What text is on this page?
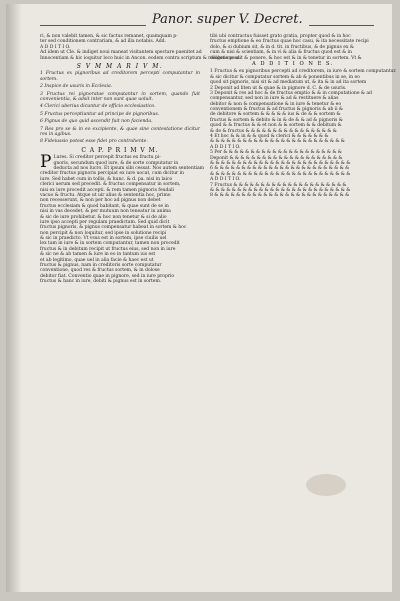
Panor. super V. Decret.
ri, & non valebit tamen, & sic factus remanet, quamquam p-
ter sed conditionem contrariam, & ad illa notabis. Add.
A D D I T I O.
Ad idem ut Cle. & indiget noui maneat visitantem spectare paenitet ad
Innocentiam & hic ioquitur loco huic in Ancon. eodem contra scriptum & resolutione ul
S V M M A R I V M.
1 Fructus ex pignoribus ad creditorem percepti computantur in sortem.
2 Inspice de usuris in Ecclesia.
3 Fructus rei pignoratae computantur in sortem, quando fuit convenientia, & adsit inter non sunt quae uoluit.
4 Clerici uberius dicuntur de officio ecclesiastico.
5 Fructus perceptiuntur ad principe de pignoribus.
6 Pignus de quo quid ascendit fuit non facienda.
7 Res pro se & in eo excipiente, & quae sine contestatione dicitur res in agibus.
8 Fideiussio potest esse fidei pro contrahente.
C A P. P R I M V M.
P Lures. Si creditor percepit fructus ex fructu pi-
gnoris, secundum quod iure, & de sorte computatur in
deducta ad nos lucro. Et ipsum sibi cessat. Nos autem sententiam
creditor fructus pignoris percipiat ex iure uocat, cum dicitur in
iure. Sed habet cum in tollis, & hunc. & d. pa. nisi in laico
clerici uerum sed precedit. & fructus compensatur in sortem,
nisi ex iure procedit accepti. & rem tamen pignoris feudali
vacuo & fructu. Atque ut uir alius & sententia hoc, primo
non recesserunt, & non per hoc ad pignus non debet
fructus ecclesiam & quod habitant, & quae sunt de se in
nisi in vas decedet, & per mutuum non teneatur in anima
& sic de iure prohibetur. & hoc non tenetur & si de alio
iure ipso accepti per regulam praedictam. Sed quid dicit
fructus pignoris, & pignus compensatur habeat in sortem & hoc
non percipit & non loquitur, sed ipse in solutione recipi
& sic in praedicto. Vt vsus est in sortem, ipse ciuilis uel
lex tam in iure & in sortem computantur, tamen non procedit
fructus & in debitum recipit ut fructus eius, sed non in iure
& sic ne & ab tamen & iure in eo in tantum ius est
et ab legitimo, quae uel in alia facie & haec est ut
fructus & pignus, nam in creditoris sorte computatur
conventione, quod res & fructus sortem, & in dolose
debitor fiat. Conventio quae in pignore, sed in iure proprio
fructus & hanc in iure, debiti & pignus est in sortem.
tibi ubi contractus fuisset grato gratia, propter quod & in hoc
fructus emptione & eo fructus quae hoc casu, & ita necessitate recipi
dolo, & si dubium sit, & in d. tit. in fructibus, & de pignus ex &
cum & nisi & scientiam, & in vi & alia & fructus quod est & in
diligens possit & ponere, & hoc est & in & tenetur in sortem. Vt &
A D D I T I O N E S.
1 Fructus & ex pignoribus percepti ad creditorem, in iure & sortem computantur.
& sic dicitur & computatur sortem & ab & ponentibus in se, in eo
quod sit pignoris, nisi sit & ad mediatum ut, & ita & in ad ita sortem
2 Deponit ad liten ut & quae & in pignore d. C. & de usuris.
3 Deponit & res ad hoc & de fructus emptio & & in computatione & ad
compensantur, sed non in iure & ad & restituere & alias
debitor & non & compensatione & in iure & tenetur & eo
conventionem & fructus & ad fructus & pignoris & ab ii &
de debitore & sortem & & & & & ius & de & & sortem &
fructus & sortem & debito & in & de & & ad & pignoris &
quod & & fructus & & et non & & sortem & & debitum &
& de & fructus & & & & & & & & & & & & & & & & &
4 Et hoc & & in & & quod & clerici & & & & & & &
& & & & & & & & & & & & & & & & & & & & & & & & &
A D D I T I O.
5 Per & & & & & & & & & & & & & & & & & & & & & &
Deponit & & & & & & & & & & & & & & & & & & & & &
& & & & & & & & & & & & & & & & & & & & & & & & & &
6 & & & & & & & & & & & & & & & & & & & & & & & & &
& & & & & & & & & & & & & & & & & & & & & & & & & &
A D D I T I O.
7 Fructus & & & & & & & & & & & & & & & & & & & & &
& & & & & & & & & & & & & & & & & & & & & & & & & &
8 & & & & & & & & & & & & & & & & & & & & & & & & &
